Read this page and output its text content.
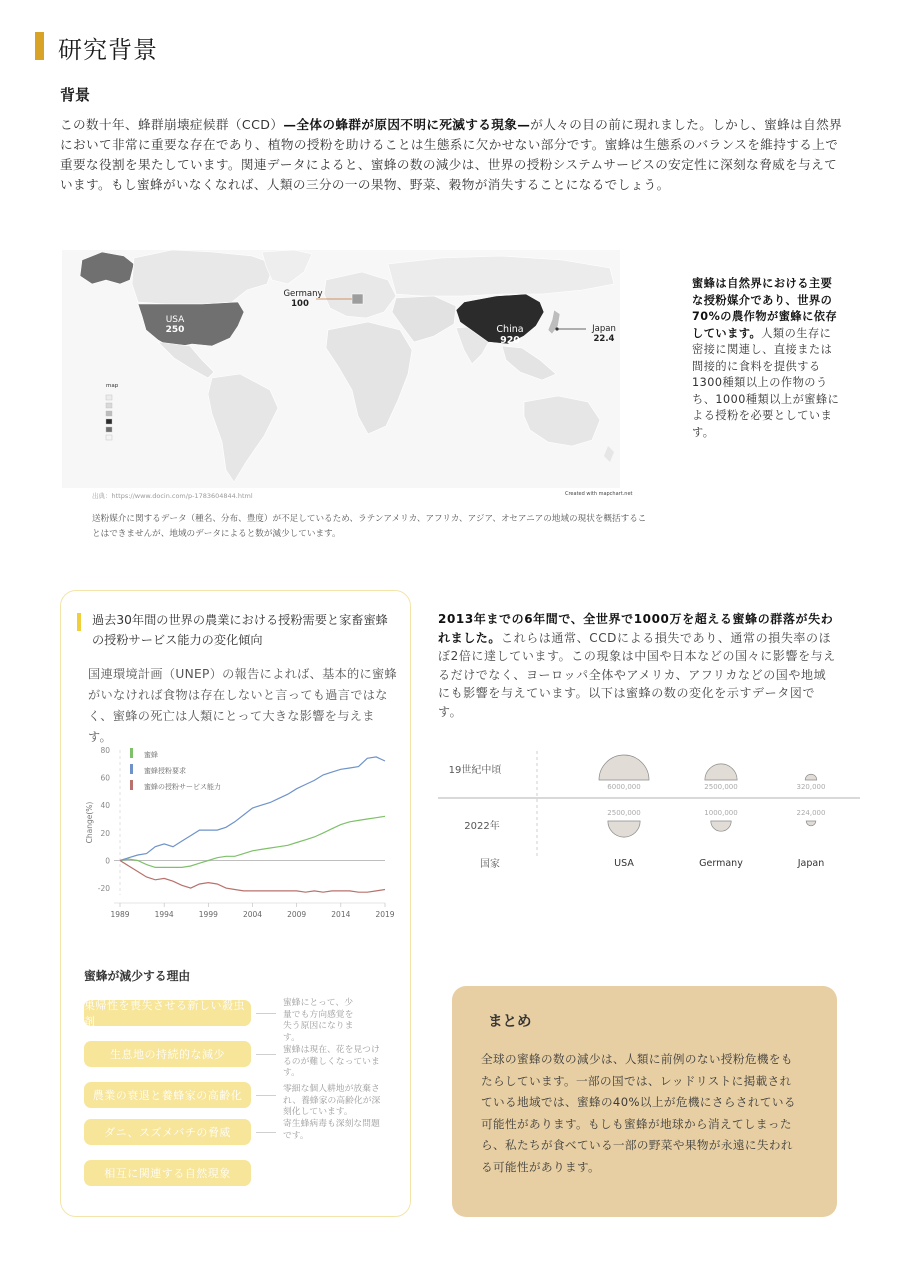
研究背景
背景

この数十年、蜂群崩壊症候群（CCD）—全体の蜂群が原因不明に死滅する現象—が人々の目の前に現れました。しかし、蜜蜂は自然界において非常に重要な存在であり、植物の授粉を助けることは生態系に欠かせない部分です。蜜蜂は生態系のバランスを維持する上で重要な役割を果たしています。関連データによると、蜜蜂の数の減少は、世界の授粉システムサービスの安定性に深刻な脅威を与えています。もし蜜蜂がいなくなれば、人類の三分の一の果物、野菜、穀物が消失することになるでしょう。

USA
250
Germany
100
China
920
Japan
22.4
map
出典：https://www.docin.com/p-1783604844.html	Created with mapchart.net

送粉媒介に関するデータ（種名、分布、豊度）が不足しているため、ラテンアメリカ、アフリカ、アジア、オセアニアの地域の現状を概括することはできませんが、地域のデータによると数が減少しています。

蜜蜂は自然界における主要な授粉媒介であり、世界の70%の農作物が蜜蜂に依存しています。人類の生存に密接に関連し、直接または間接的に食料を提供する1300種類以上の作物のうち、1000種類以上が蜜蜂による授粉を必要としています。

過去30年間の世界の農業における授粉需要と家畜蜜蜂の授粉サービス能力の変化傾向

国連環境計画（UNEP）の報告によれば、基本的に蜜蜂がいなければ食物は存在しないと言っても過言ではなく、蜜蜂の死亡は人類にとって大きな影響を与えます。

Change(%)
80
60
40
20
0
-20
1989	1994	1999	2004	2009	2014	2019
蜜蜂
蜜蜂授粉要求
蜜蜂の授粉サービス能力
蜜蜂が減少する理由
巣帰性を喪失させる新しい殺虫剤
生息地の持続的な減少
農業の衰退と養蜂家の高齢化
ダニ、スズメバチの脅威
相互に関連する自然現象
蜜蜂にとって、少量でも方向感覚を失う原因になります。
蜜蜂は現在、花を見つけるのが難しくなっています。
零細な個人耕地が放棄され、養蜂家の高齢化が深刻化しています。
寄生蜂病毒も深刻な問題です。

2013年までの6年間で、全世界で1000万を超える蜜蜂の群落が失われました。これらは通常、CCDによる損失であり、通常の損失率のほぼ2倍に達しています。この現象は中国や日本などの国々に影響を与えるだけでなく、ヨーロッパ全体やアメリカ、アフリカなどの国や地域にも影響を与えています。以下は蜜蜂の数の変化を示すデータ図です。

19世紀中頃
2022年
国家
6000,000
2500,000
USA
2500,000
1000,000
Germany
320,000
224,000
Japan
まとめ

全球の蜜蜂の数の減少は、人類に前例のない授粉危機をもたらしています。一部の国では、レッドリストに掲載されている地域では、蜜蜂の40%以上が危機にさらされている可能性があります。もしも蜜蜂が地球から消えてしまったら、私たちが食べている一部の野菜や果物が永遠に失われる可能性があります。
